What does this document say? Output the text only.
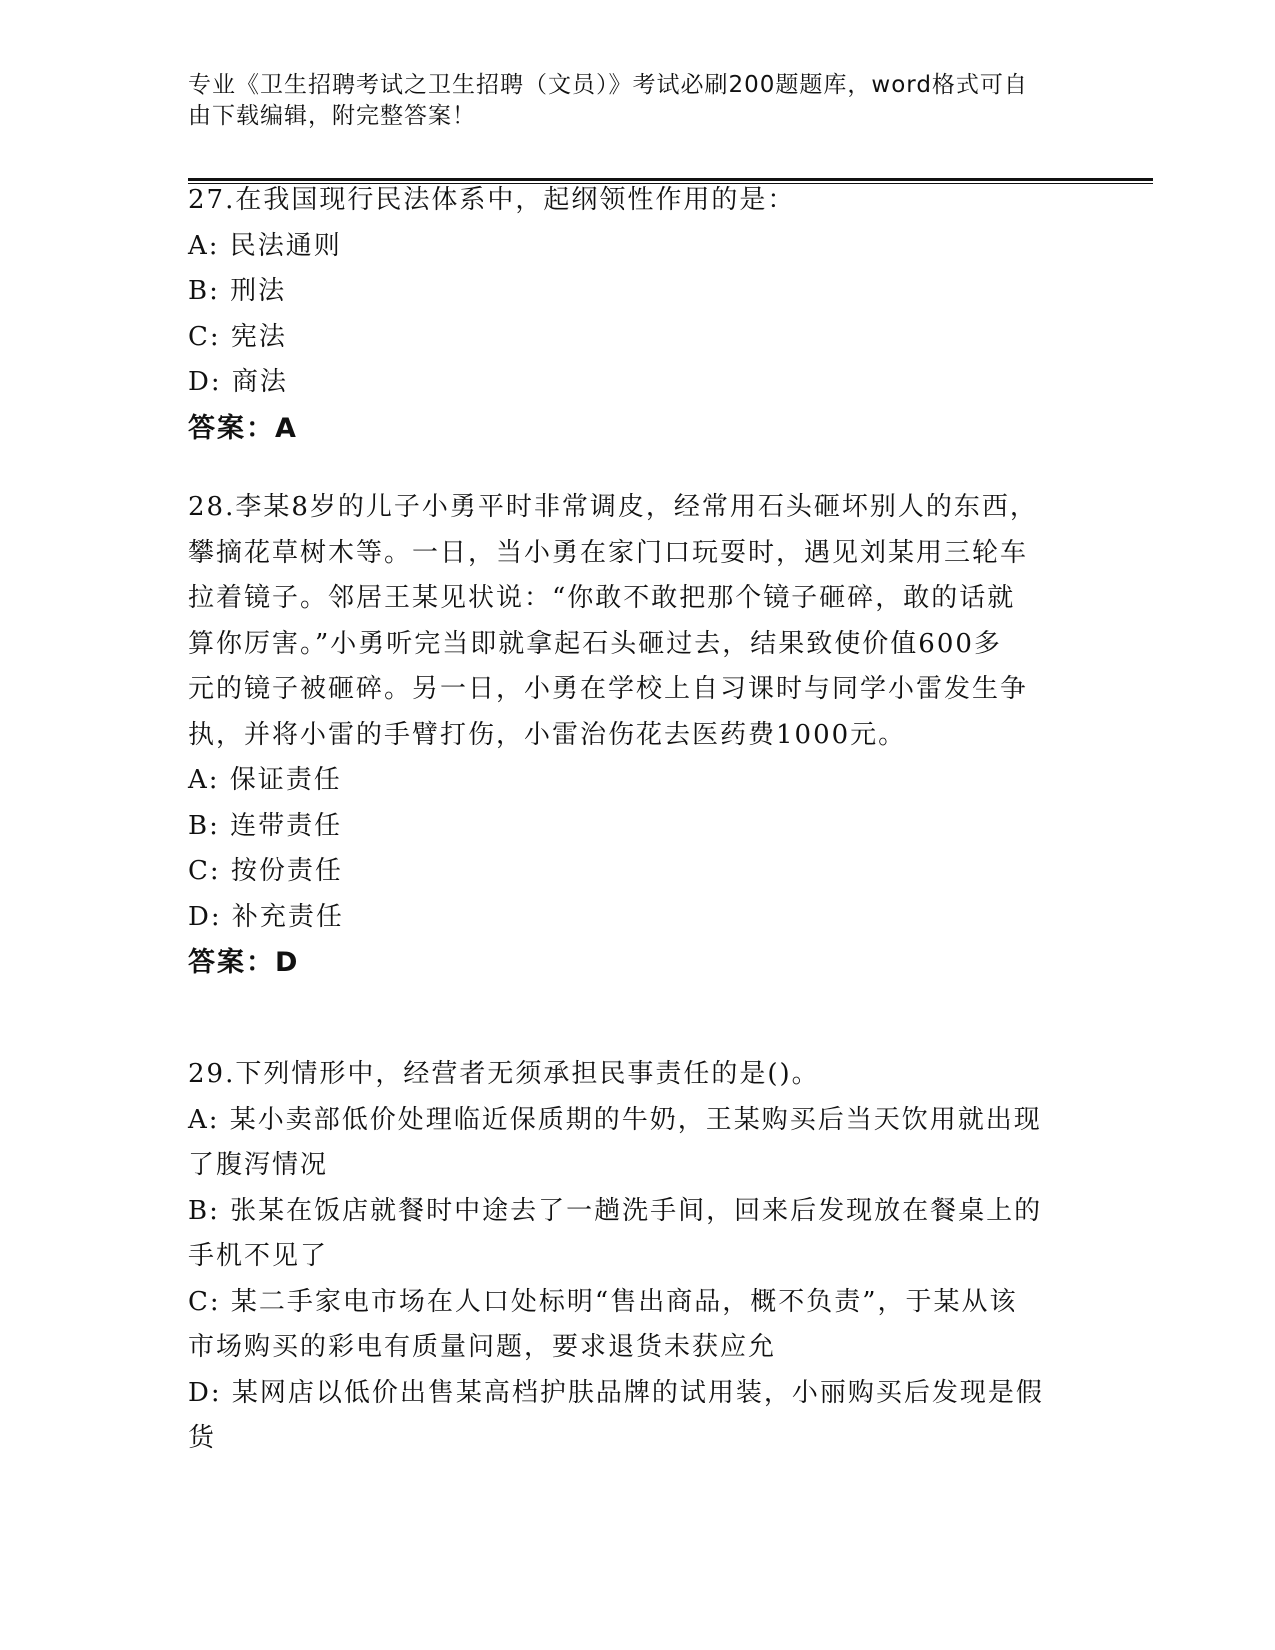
专业《卫生招聘考试之卫生招聘（文员）》考试必刷200题题库，word格式可自
由下载编辑，附完整答案！
27.在我国现行民法体系中，起纲领性作用的是：
A: 民法通则
B: 刑法
C: 宪法
D: 商法
答案：A
28.李某8岁的儿子小勇平时非常调皮，经常用石头砸坏别人的东西，
攀摘花草树木等。一日，当小勇在家门口玩耍时，遇见刘某用三轮车
拉着镜子。邻居王某见状说：“你敢不敢把那个镜子砸碎，敢的话就
算你厉害。”小勇听完当即就拿起石头砸过去，结果致使价值600多
元的镜子被砸碎。另一日，小勇在学校上自习课时与同学小雷发生争
执，并将小雷的手臂打伤，小雷治伤花去医药费1000元。
A: 保证责任
B: 连带责任
C: 按份责任
D: 补充责任
答案：D
29.下列情形中，经营者无须承担民事责任的是()。
A: 某小卖部低价处理临近保质期的牛奶，王某购买后当天饮用就出现
了腹泻情况
B: 张某在饭店就餐时中途去了一趟洗手间，回来后发现放在餐桌上的
手机不见了
C: 某二手家电市场在人口处标明“售出商品，概不负责”，于某从该
市场购买的彩电有质量问题，要求退货未获应允
D: 某网店以低价出售某高档护肤品牌的试用装，小丽购买后发现是假
货
